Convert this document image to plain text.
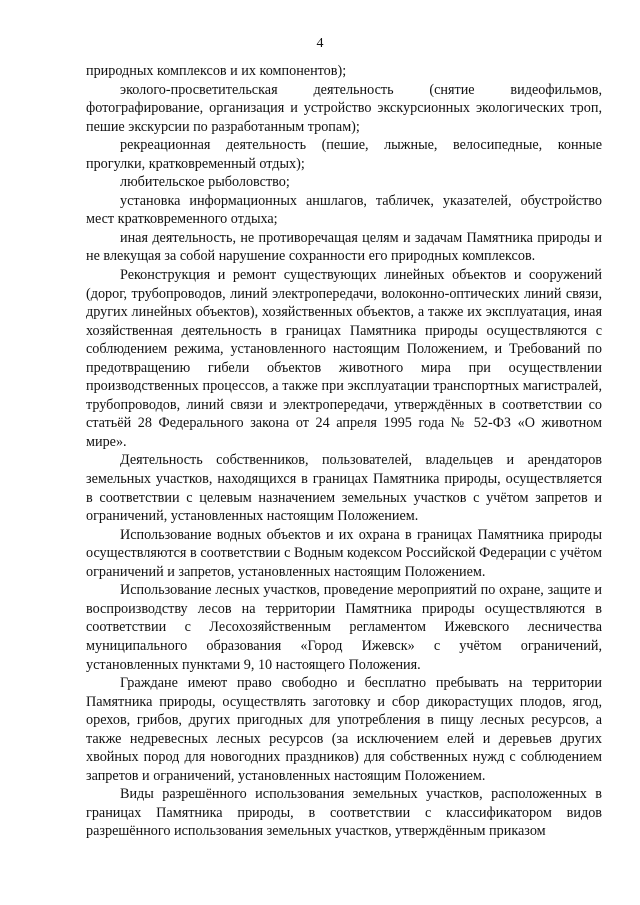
4

природных комплексов и их компонентов);

эколого-просветительская деятельность (снятие видеофильмов, фотографирование, организация и устройство экскурсионных экологических троп, пешие экскурсии по разработанным тропам);

рекреационная деятельность (пешие, лыжные, велосипедные, конные прогулки, кратковременный отдых);

любительское рыболовство;

установка информационных аншлагов, табличек, указателей, обустройство мест кратковременного отдыха;

иная деятельность, не противоречащая целям и задачам Памятника природы и не влекущая за собой нарушение сохранности его природных комплексов.

Реконструкция и ремонт существующих линейных объектов и сооружений (дорог, трубопроводов, линий электропередачи, волоконно-оптических линий связи, других линейных объектов), хозяйственных объектов, а также их эксплуатация, иная хозяйственная деятельность в границах Памятника природы осуществляются с соблюдением режима, установленного настоящим Положением, и Требований по предотвращению гибели объектов животного мира при осуществлении производственных процессов, а также при эксплуатации транспортных магистралей, трубопроводов, линий связи и электропередачи, утверждённых в соответствии со статьёй 28 Федерального закона от 24 апреля 1995 года № 52-ФЗ «О животном мире».

Деятельность собственников, пользователей, владельцев и арендаторов земельных участков, находящихся в границах Памятника природы, осуществляется в соответствии с целевым назначением земельных участков с учётом запретов и ограничений, установленных настоящим Положением.

Использование водных объектов и их охрана в границах Памятника природы осуществляются в соответствии с Водным кодексом Российской Федерации с учётом ограничений и запретов, установленных настоящим Положением.

Использование лесных участков, проведение мероприятий по охране, защите и воспроизводству лесов на территории Памятника природы осуществляются в соответствии с Лесохозяйственным регламентом Ижевского лесничества муниципального образования «Город Ижевск» с учётом ограничений, установленных пунктами 9, 10 настоящего Положения.

Граждане имеют право свободно и бесплатно пребывать на территории Памятника природы, осуществлять заготовку и сбор дикорастущих плодов, ягод, орехов, грибов, других пригодных для употребления в пищу лесных ресурсов, а также недревесных лесных ресурсов (за исключением елей и деревьев других хвойных пород для новогодних праздников) для собственных нужд с соблюдением запретов и ограничений, установленных настоящим Положением.

Виды разрешённого использования земельных участков, расположенных в границах Памятника природы, в соответствии с классификатором видов разрешённого использования земельных участков, утверждённым приказом
